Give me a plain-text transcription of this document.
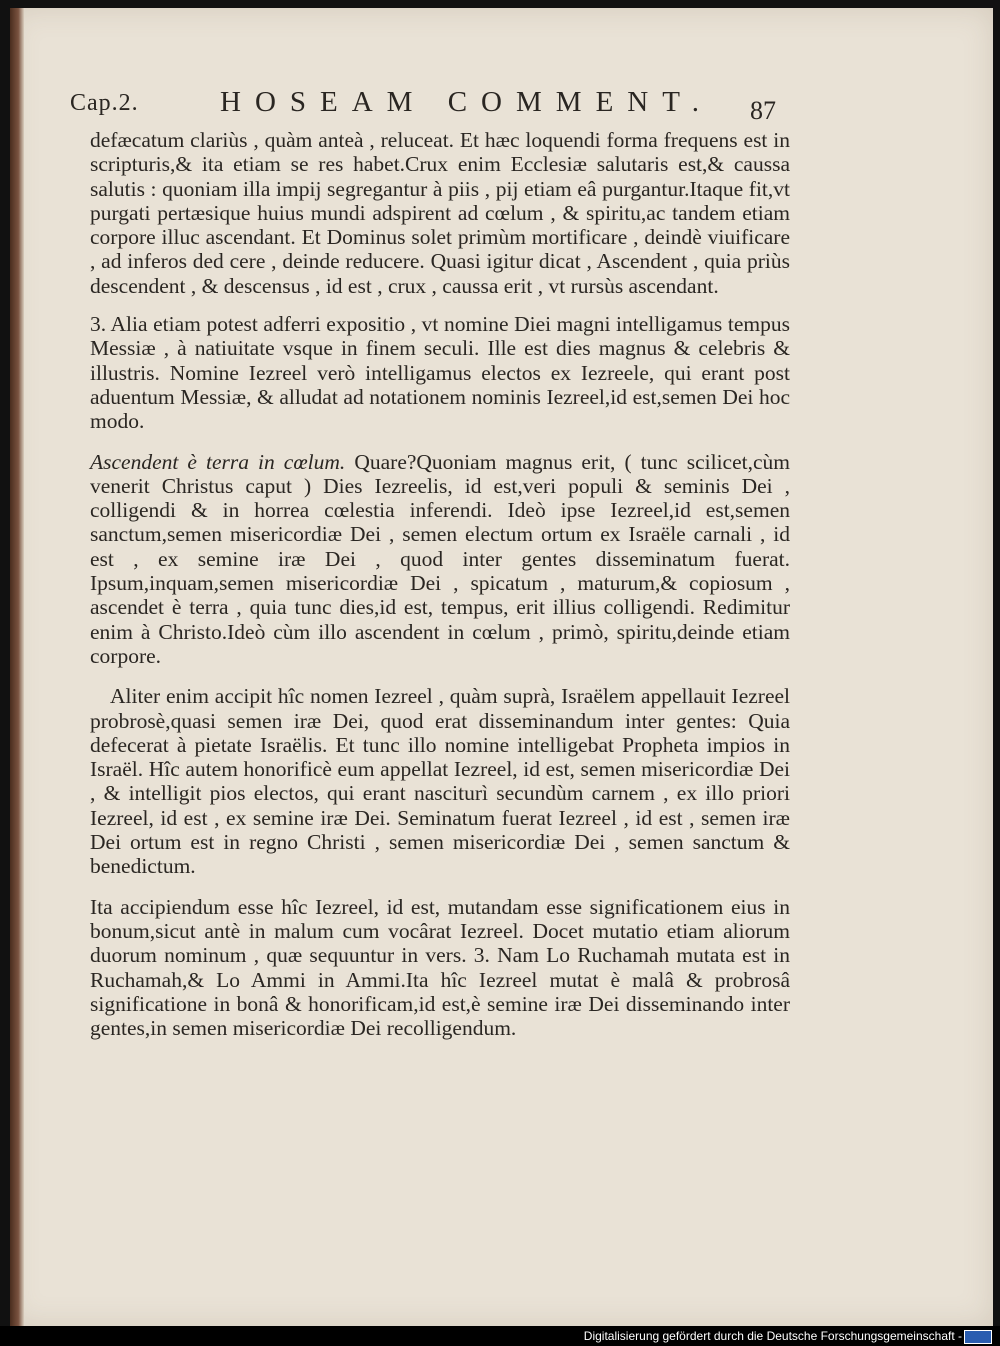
Cap.2.	HOSEAM COMMENT. 87

defæcatum clariùs , quàm anteà , reluceat. Et hæc loquendi forma frequens est in scripturis,& ita etiam se res habet.Crux enim Ecclesiæ salutaris est,& caussa salutis : quoniam illa impij segregantur à piis , pij etiam eâ purgantur.Itaque fit,vt purgati pertæsique huius mundi adspirent ad cœlum , & spiritu,ac tandem etiam corpore illuc ascendant. Et Dominus solet primùm mortificare , deindè viuificare , ad inferos ded cere , deinde reducere. Quasi igitur dicat , Ascendent , quia priùs descendent , & descensus , id est , crux , caussa erit , vt rursùs ascendant.

3. Alia etiam potest adferri expositio , vt nomine Diei magni intelligamus tempus Messiæ , à natiuitate vsque in finem seculi. Ille est dies magnus & celebris & illustris. Nomine Iezreel verò intelligamus electos ex Iezreele, qui erant post aduentum Messiæ, & alludat ad notationem nominis Iezreel,id est,semen Dei hoc modo.

Ascendent è terra in cœlum. Quare?Quoniam magnus erit, ( tunc scilicet,cùm venerit Christus caput ) Dies Iezreelis, id est,veri populi & seminis Dei , colligendi & in horrea cœlestia inferendi. Ideò ipse Iezreel,id est,semen sanctum,semen misericordiæ Dei , semen electum ortum ex Israële carnali , id est , ex semine iræ Dei , quod inter gentes disseminatum fuerat. Ipsum,inquam,semen misericordiæ Dei , spicatum , maturum,& copiosum , ascendet è terra , quia tunc dies,id est, tempus, erit illius colligendi. Redimitur enim à Christo.Ideò cùm illo ascendent in cœlum , primò, spiritu,deinde etiam corpore.

Aliter enim accipit hîc nomen Iezreel , quàm suprà, Israëlem appellauit Iezreel probrosè,quasi semen iræ Dei, quod erat disseminandum inter gentes: Quia defecerat à pietate Israëlis. Et tunc illo nomine intelligebat Propheta impios in Israël. Hîc autem honorificè eum appellat Iezreel, id est, semen misericordiæ Dei , & intelligit pios electos, qui erant nasciturì secundùm carnem , ex illo priori Iezreel, id est , ex semine iræ Dei. Seminatum fuerat Iezreel , id est , semen iræ Dei ortum est in regno Christi , semen misericordiæ Dei , semen sanctum & benedictum.

Ita accipiendum esse hîc Iezreel, id est, mutandam esse significationem eius in bonum,sicut antè in malum cum vocârat Iezreel. Docet mutatio etiam aliorum duorum nominum , quæ sequuntur in vers. 3. Nam Lo Ruchamah mutata est in Ruchamah,& Lo Ammi in Ammi.Ita hîc Iezreel mutat è malâ & probrosâ significatione in bonâ & honorificam,id est,è semine iræ Dei disseminando inter gentes,in semen misericordiæ Dei recolligendum.

Digitalisierung gefördert durch die Deutsche Forschungsgemeinschaft -
